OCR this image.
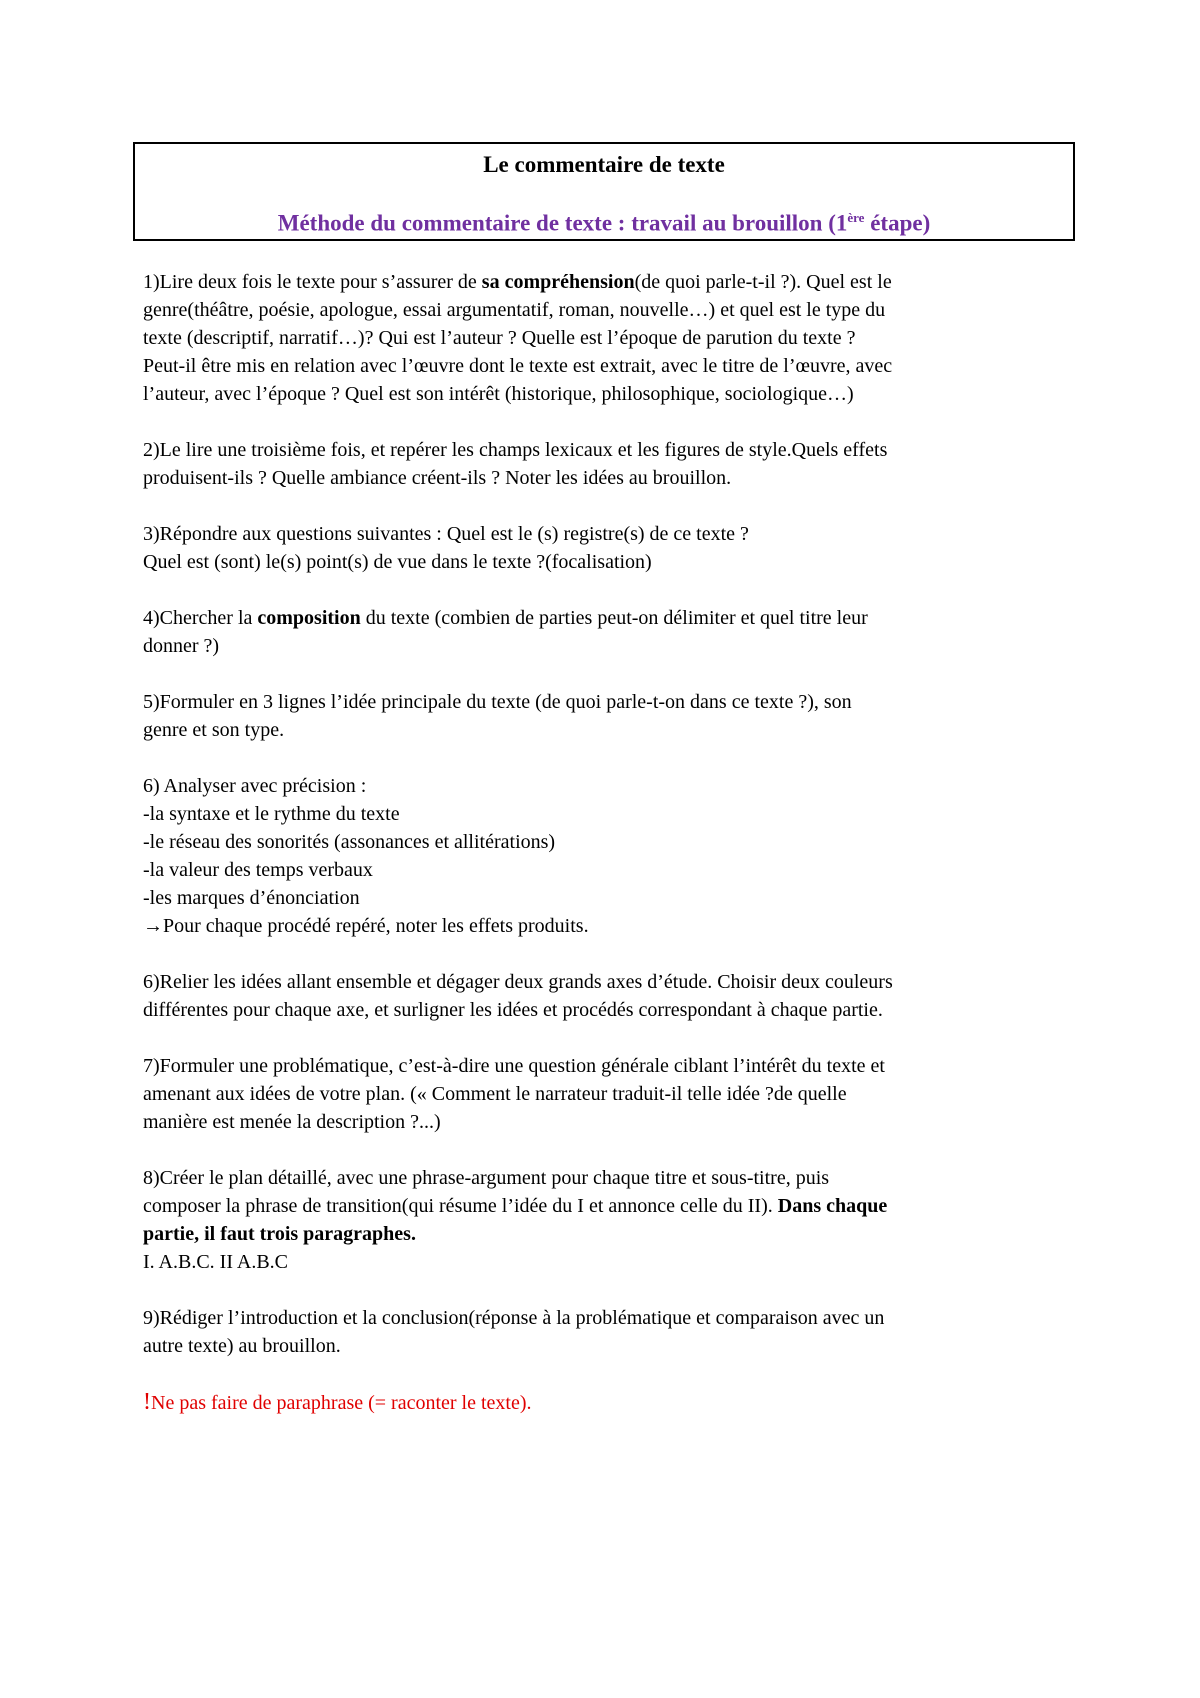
Le commentaire de texte
Méthode du commentaire de texte : travail au brouillon (1ère étape)
1)Lire deux fois le texte pour s’assurer de sa compréhension(de quoi parle-t-il ?). Quel est le
genre(théâtre, poésie, apologue, essai argumentatif, roman, nouvelle…) et quel est le type du
texte (descriptif, narratif…)? Qui est l’auteur ? Quelle est l’époque de parution du texte ?
Peut-il être mis en relation avec l’œuvre dont le texte est extrait, avec le titre de l’œuvre, avec
l’auteur, avec l’époque ? Quel est son intérêt (historique, philosophique, sociologique…)
2)Le lire une troisième fois, et repérer les champs lexicaux et les figures de style.Quels effets
produisent-ils ? Quelle ambiance créent-ils ? Noter les idées au brouillon.
3)Répondre aux questions suivantes : Quel est le (s) registre(s) de ce texte ?
Quel est (sont) le(s) point(s) de vue dans le texte ?(focalisation)
4)Chercher la composition du texte (combien de parties peut-on délimiter et quel titre leur
donner ?)
5)Formuler en 3 lignes l’idée principale du texte (de quoi parle-t-on dans ce texte ?), son
genre et son type.
6) Analyser avec précision :
-la syntaxe et le rythme du texte
-le réseau des sonorités (assonances et allitérations)
-la valeur des temps verbaux
-les marques d’énonciation
→Pour chaque procédé repéré, noter les effets produits.
6)Relier les idées allant ensemble et dégager deux grands axes d’étude. Choisir deux couleurs
différentes pour chaque axe, et surligner les idées et procédés correspondant à chaque partie.
7)Formuler une problématique, c’est-à-dire une question générale ciblant l’intérêt du texte et
amenant aux idées de votre plan. (« Comment le narrateur traduit-il telle idée ?de quelle
manière est menée la description ?...)
8)Créer le plan détaillé, avec une phrase-argument pour chaque titre et sous-titre, puis
composer la phrase de transition(qui résume l’idée du I et annonce celle du II). Dans chaque
partie, il faut trois paragraphes.
I. A.B.C. II A.B.C
9)Rédiger l’introduction et la conclusion(réponse à la problématique et comparaison avec un
autre texte) au brouillon.
!Ne pas faire de paraphrase (= raconter le texte).
